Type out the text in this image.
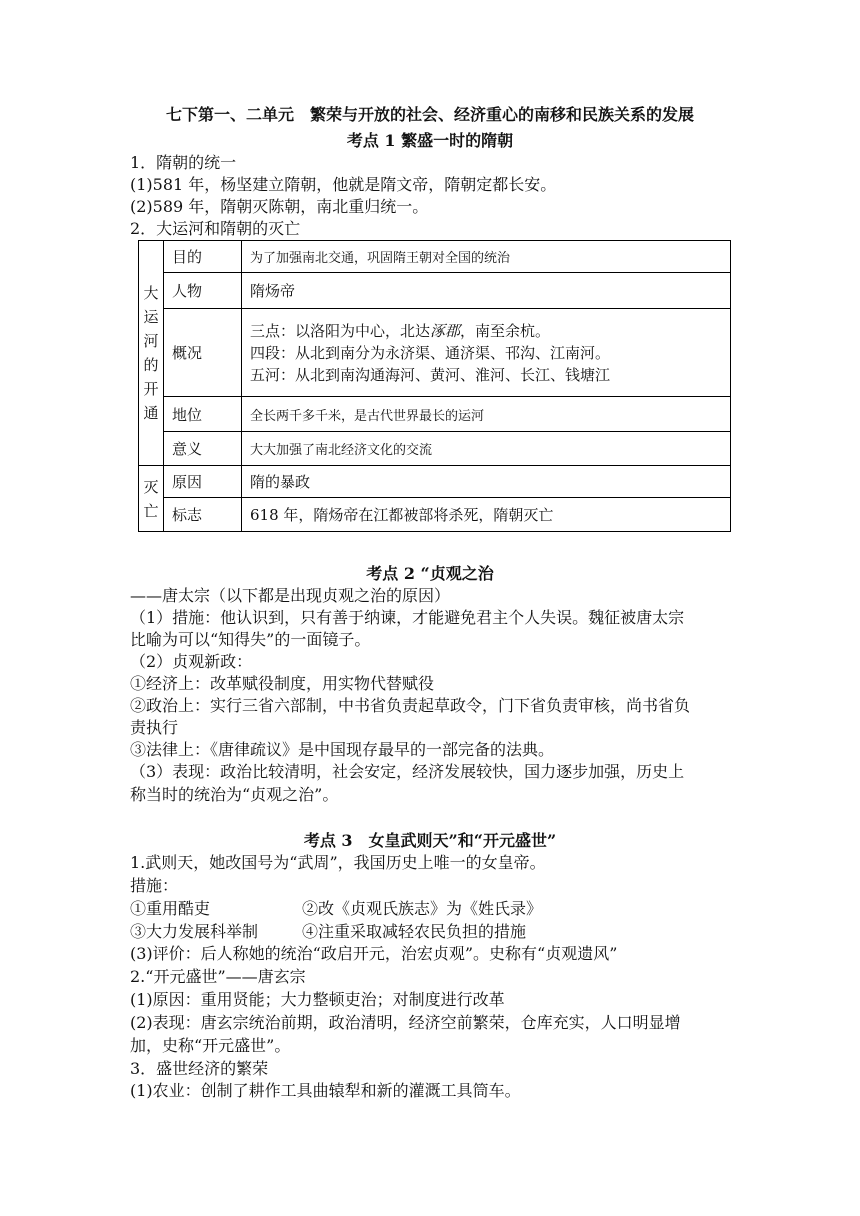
七下第一、二单元　繁荣与开放的社会、经济重心的南移和民族关系的发展
考点 1 繁盛一时的隋朝
1．隋朝的统一
(1)581 年，杨坚建立隋朝，他就是隋文帝，隋朝定都长安。
(2)589 年，隋朝灭陈朝，南北重归统一。
2．大运河和隋朝的灭亡
大运河的开通	目的	为了加强南北交通，巩固隋王朝对全国的统治
	人物	隋炀帝
	概况	三点：以洛阳为中心，北达涿郡，南至余杭。
四段：从北到南分为永济渠、通济渠、邗沟、江南河。
五河：从北到南沟通海河、黄河、淮河、长江、钱塘江

	地位	全长两千多千米，是古代世界最长的运河
	意义	大大加强了南北经济文化的交流
灭亡	原因	隋的暴政
	标志	618 年，隋炀帝在江都被部将杀死，隋朝灭亡
考点 2 “贞观之治
——唐太宗（以下都是出现贞观之治的原因）
（1）措施：他认识到，只有善于纳谏，才能避免君主个人失误。魏征被唐太宗
比喻为可以“知得失”的一面镜子。
（2）贞观新政：
①经济上：改革赋役制度，用实物代替赋役
②政治上：实行三省六部制，中书省负责起草政令，门下省负责审核，尚书省负
责执行
③法律上：《唐律疏议》是中国现存最早的一部完备的法典。
（3）表现：政治比较清明，社会安定，经济发展较快，国力逐步加强，历史上
称当时的统治为“贞观之治”。
考点 3　女皇武则天”和“开元盛世”
1.武则天，她改国号为“武周”，我国历史上唯一的女皇帝。
措施：
①重用酷吏	②改《贞观氏族志》为《姓氏录》
③大力发展科举制	④注重采取减轻农民负担的措施
(3)评价：后人称她的统治“政启开元，治宏贞观”。史称有“贞观遗风”
2.“开元盛世”——唐玄宗
(1)原因：重用贤能；大力整顿吏治；对制度进行改革
(2)表现：唐玄宗统治前期，政治清明，经济空前繁荣，仓库充实，人口明显增
加，史称“开元盛世”。
3．盛世经济的繁荣
(1)农业：创制了耕作工具曲辕犁和新的灌溉工具筒车。
